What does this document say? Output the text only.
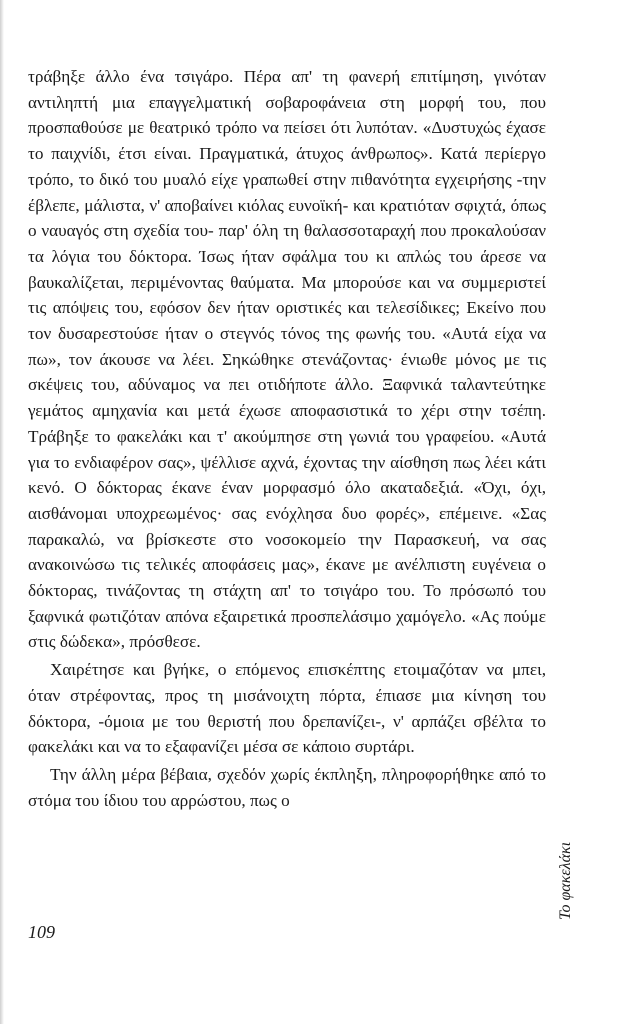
τράβηξε άλλο ένα τσιγάρο. Πέρα απ' τη φανερή επιτίμηση, γινόταν αντιληπτή μια επαγγελματική σοβαροφάνεια στη μορφή του, που προσπαθούσε με θεατρικό τρόπο να πείσει ότι λυπόταν. «Δυστυχώς έχασε το παιχνίδι, έτσι είναι. Πραγματικά, άτυχος άνθρωπος». Κατά περίεργο τρόπο, το δικό του μυαλό είχε γραπωθεί στην πιθανότητα εγχειρήσης -την έβλεπε, μάλιστα, ν' αποβαίνει κιόλας ευνοϊκή- και κρατιόταν σφιχτά, όπως ο ναυαγός στη σχεδία του- παρ' όλη τη θαλασσοταραχή που προκαλούσαν τα λόγια του δόκτορα. Ίσως ήταν σφάλμα του κι απλώς του άρεσε να βαυκαλίζεται, περιμένοντας θαύματα. Μα μπορούσε και να συμμεριστεί τις απόψεις του, εφόσον δεν ήταν οριστικές και τελεσίδικες; Εκείνο που τον δυσαρεστούσε ήταν ο στεγνός τόνος της φωνής του. «Αυτά είχα να πω», τον άκουσε να λέει. Σηκώθηκε στενάζοντας· ένιωθε μόνος με τις σκέψεις του, αδύναμος να πει οτιδήποτε άλλο. Ξαφνικά ταλαντεύτηκε γεμάτος αμηχανία και μετά έχωσε αποφασιστικά το χέρι στην τσέπη. Τράβηξε το φακελάκι και τ' ακούμπησε στη γωνιά του γραφείου. «Αυτά για το ενδιαφέρον σας», ψέλλισε αχνά, έχοντας την αίσθηση πως λέει κάτι κενό. Ο δόκτορας έκανε έναν μορφασμό όλο ακαταδεξιά. «Όχι, όχι, αισθάνομαι υποχρεωμένος· σας ενόχλησα δυο φορές», επέμεινε. «Σας παρακαλώ, να βρίσκεστε στο νοσοκομείο την Παρασκευή, να σας ανακοινώσω τις τελικές αποφάσεις μας», έκανε με ανέλπιστη ευγένεια ο δόκτορας, τινάζοντας τη στάχτη απ' το τσιγάρο του. Το πρόσωπό του ξαφνικά φωτιζόταν απόνα εξαιρετικά προσπελάσιμο χαμόγελο. «Ας πούμε στις δώδεκα», πρόσθεσε.

Χαιρέτησε και βγήκε, ο επόμενος επισκέπτης ετοιμαζόταν να μπει, όταν στρέφοντας, προς τη μισάνοιχτη πόρτα, έπιασε μια κίνηση του δόκτορα, -όμοια με του θεριστή που δρεπανίζει-, ν' αρπάζει σβέλτα το φακελάκι και να το εξαφανίζει μέσα σε κάποιο συρτάρι.

Την άλλη μέρα βέβαια, σχεδόν χωρίς έκπληξη, πληροφορήθηκε από το στόμα του ίδιου του αρρώστου, πως ο

109
Το φακελάκι
